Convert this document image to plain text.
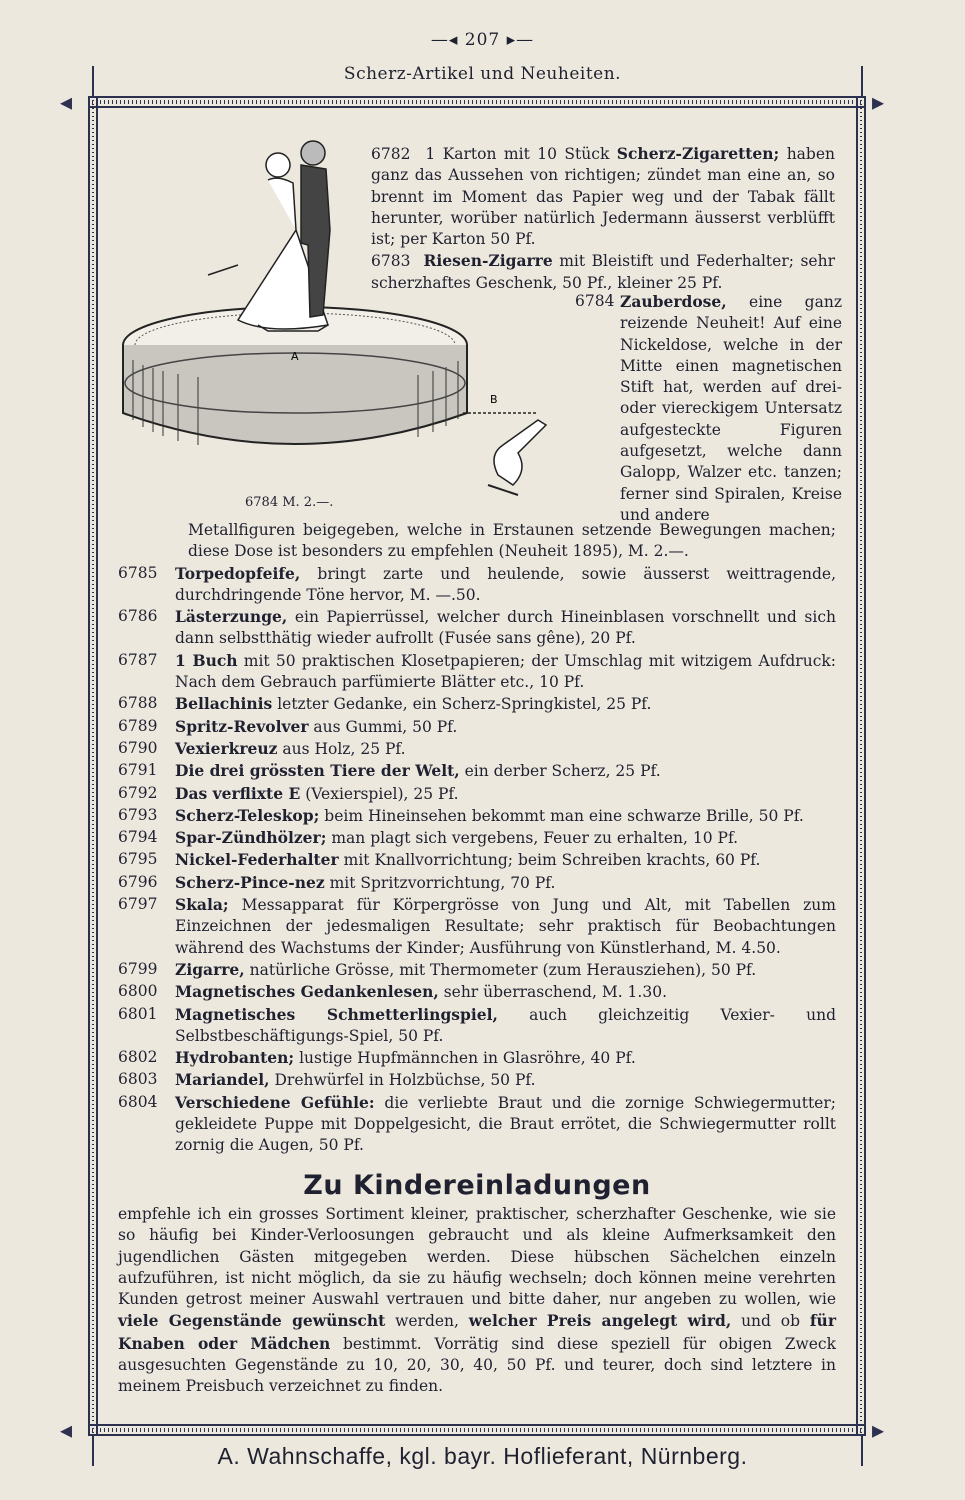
—◂ 207 ▸—
Scherz-Artikel und Neuheiten.
◂	▸
◂	▸
A
B
6784 M. 2.—.
6782 1 Karton mit 10 Stück Scherz-Zigaretten; haben ganz das Aussehen von richtigen; zündet man eine an, so brennt im Moment das Papier weg und der Tabak fällt herunter, worüber natürlich Jedermann äusserst verblüfft ist; per Karton 50 Pf.
6783 Riesen-Zigarre mit Bleistift und Federhalter; sehr scherzhaftes Geschenk, 50 Pf., kleiner 25 Pf.
6784 Zauberdose, eine ganz reizende Neuheit! Auf eine Nickeldose, welche in der Mitte einen magnetischen Stift hat, werden auf drei- oder viereckigem Untersatz aufgesteckte Figuren aufgesetzt, welche dann Galopp, Walzer etc. tanzen; ferner sind Spiralen, Kreise und andere
Metallfiguren beigegeben, welche in Erstaunen setzende Bewegungen machen; diese Dose ist besonders zu empfehlen (Neuheit 1895), M. 2.—.
6785	Torpedopfeife, bringt zarte und heulende, sowie äusserst weittragende, durchdringende Töne hervor, M. —.50.
6786	Lästerzunge, ein Papierrüssel, welcher durch Hineinblasen vorschnellt und sich dann selbstthätig wieder aufrollt (Fusée sans gêne), 20 Pf.
6787	1 Buch mit 50 praktischen Klosetpapieren; der Umschlag mit witzigem Aufdruck: Nach dem Gebrauch parfümierte Blätter etc., 10 Pf.
6788	Bellachinis letzter Gedanke, ein Scherz-Springkistel, 25 Pf.
6789	Spritz-Revolver aus Gummi, 50 Pf.
6790	Vexierkreuz aus Holz, 25 Pf.
6791	Die drei grössten Tiere der Welt, ein derber Scherz, 25 Pf.
6792	Das verflixte E (Vexierspiel), 25 Pf.
6793	Scherz-Teleskop; beim Hineinsehen bekommt man eine schwarze Brille, 50 Pf.
6794	Spar-Zündhölzer; man plagt sich vergebens, Feuer zu erhalten, 10 Pf.
6795	Nickel-Federhalter mit Knallvorrichtung; beim Schreiben krachts, 60 Pf.
6796	Scherz-Pince-nez mit Spritzvorrichtung, 70 Pf.
6797	Skala; Messapparat für Körpergrösse von Jung und Alt, mit Tabellen zum Einzeichnen der jedesmaligen Resultate; sehr praktisch für Beobachtungen während des Wachstums der Kinder; Ausführung von Künstlerhand, M. 4.50.
6799	Zigarre, natürliche Grösse, mit Thermometer (zum Herausziehen), 50 Pf.
6800	Magnetisches Gedankenlesen, sehr überraschend, M. 1.30.
6801	Magnetisches Schmetterlingspiel, auch gleichzeitig Vexier- und Selbstbeschäftigungs-Spiel, 50 Pf.
6802	Hydrobanten; lustige Hupfmännchen in Glasröhre, 40 Pf.
6803	Mariandel, Drehwürfel in Holzbüchse, 50 Pf.
6804	Verschiedene Gefühle: die verliebte Braut und die zornige Schwiegermutter; gekleidete Puppe mit Doppelgesicht, die Braut errötet, die Schwiegermutter rollt zornig die Augen, 50 Pf.
Zu Kindereinladungen
empfehle ich ein grosses Sortiment kleiner, praktischer, scherzhafter Geschenke, wie sie so häufig bei Kinder-Verloosungen gebraucht und als kleine Aufmerksamkeit den jugendlichen Gästen mitgegeben werden. Diese hübschen Sächelchen einzeln aufzuführen, ist nicht möglich, da sie zu häufig wechseln; doch können meine verehrten Kunden getrost meiner Auswahl vertrauen und bitte daher, nur angeben zu wollen, wie viele Gegenstände gewünscht werden, welcher Preis angelegt wird, und ob für Knaben oder Mädchen bestimmt. Vorrätig sind diese speziell für obigen Zweck ausgesuchten Gegenstände zu 10, 20, 30, 40, 50 Pf. und teurer, doch sind letztere in meinem Preisbuch verzeichnet zu finden.
A. Wahnschaffe, kgl. bayr. Hoflieferant, Nürnberg.
